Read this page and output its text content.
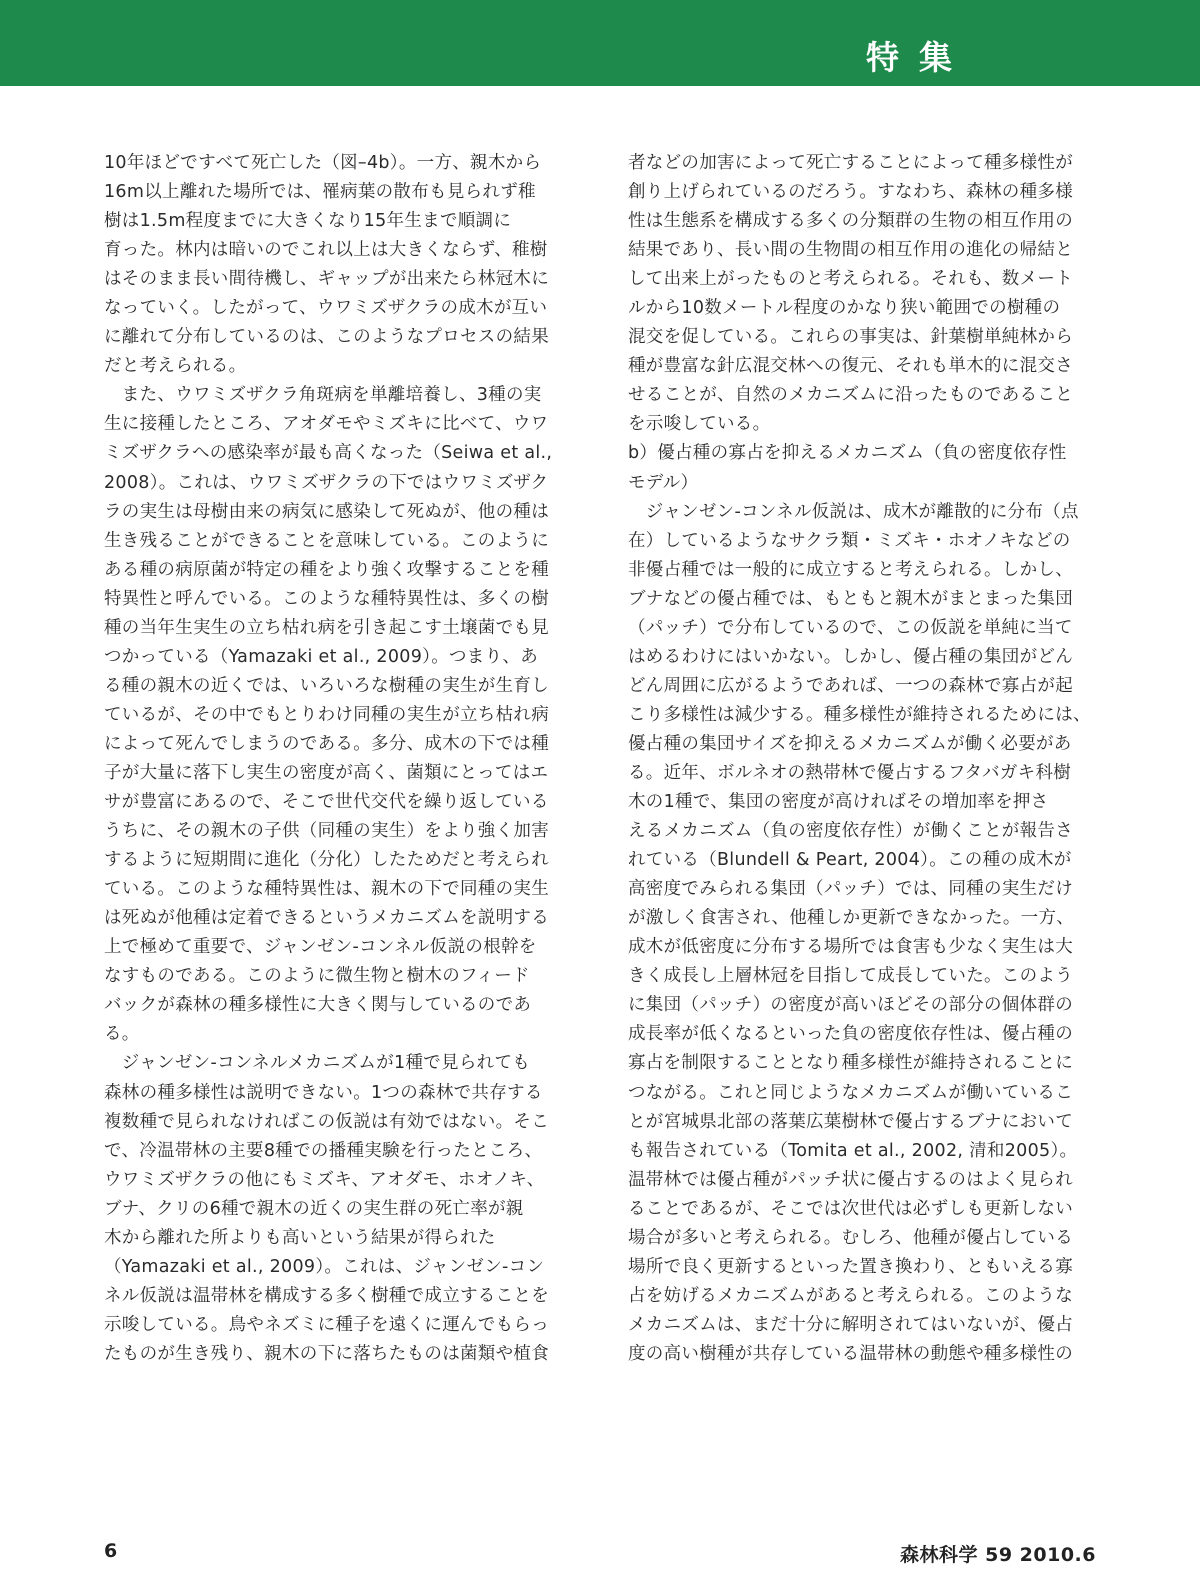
特集
10年ほどですべて死亡した（図–4b）。一方、親木から
16m以上離れた場所では、罹病葉の散布も見られず稚
樹は1.5m程度までに大きくなり15年生まで順調に
育った。林内は暗いのでこれ以上は大きくならず、稚樹
はそのまま長い間待機し、ギャップが出来たら林冠木に
なっていく。したがって、ウワミズザクラの成木が互い
に離れて分布しているのは、このようなプロセスの結果
だと考えられる。
　また、ウワミズザクラ角斑病を単離培養し、3種の実
生に接種したところ、アオダモやミズキに比べて、ウワ
ミズザクラへの感染率が最も高くなった（Seiwa et al.,
2008）。これは、ウワミズザクラの下ではウワミズザク
ラの実生は母樹由来の病気に感染して死ぬが、他の種は
生き残ることができることを意味している。このように
ある種の病原菌が特定の種をより強く攻撃することを種
特異性と呼んでいる。このような種特異性は、多くの樹
種の当年生実生の立ち枯れ病を引き起こす土壌菌でも見
つかっている（Yamazaki et al., 2009）。つまり、あ
る種の親木の近くでは、いろいろな樹種の実生が生育し
ているが、その中でもとりわけ同種の実生が立ち枯れ病
によって死んでしまうのである。多分、成木の下では種
子が大量に落下し実生の密度が高く、菌類にとってはエ
サが豊富にあるので、そこで世代交代を繰り返している
うちに、その親木の子供（同種の実生）をより強く加害
するように短期間に進化（分化）したためだと考えられ
ている。このような種特異性は、親木の下で同種の実生
は死ぬが他種は定着できるというメカニズムを説明する
上で極めて重要で、ジャンゼン‐コンネル仮説の根幹を
なすものである。このように微生物と樹木のフィード
バックが森林の種多様性に大きく関与しているのであ
る。
　ジャンゼン‐コンネルメカニズムが1種で見られても
森林の種多様性は説明できない。1つの森林で共存する
複数種で見られなければこの仮説は有効ではない。そこ
で、冷温帯林の主要8種での播種実験を行ったところ、
ウワミズザクラの他にもミズキ、アオダモ、ホオノキ、
ブナ、クリの6種で親木の近くの実生群の死亡率が親
木から離れた所よりも高いという結果が得られた
（Yamazaki et al., 2009）。これは、ジャンゼン‐コン
ネル仮説は温帯林を構成する多く樹種で成立することを
示唆している。鳥やネズミに種子を遠くに運んでもらっ
たものが生き残り、親木の下に落ちたものは菌類や植食
者などの加害によって死亡することによって種多様性が
創り上げられているのだろう。すなわち、森林の種多様
性は生態系を構成する多くの分類群の生物の相互作用の
結果であり、長い間の生物間の相互作用の進化の帰結と
して出来上がったものと考えられる。それも、数メート
ルから10数メートル程度のかなり狭い範囲での樹種の
混交を促している。これらの事実は、針葉樹単純林から
種が豊富な針広混交林への復元、それも単木的に混交さ
せることが、自然のメカニズムに沿ったものであること
を示唆している。
b）優占種の寡占を抑えるメカニズム（負の密度依存性
モデル）
　ジャンゼン‐コンネル仮説は、成木が離散的に分布（点
在）しているようなサクラ類・ミズキ・ホオノキなどの
非優占種では一般的に成立すると考えられる。しかし、
ブナなどの優占種では、もともと親木がまとまった集団
（パッチ）で分布しているので、この仮説を単純に当て
はめるわけにはいかない。しかし、優占種の集団がどん
どん周囲に広がるようであれば、一つの森林で寡占が起
こり多様性は減少する。種多様性が維持されるためには、
優占種の集団サイズを抑えるメカニズムが働く必要があ
る。近年、ボルネオの熱帯林で優占するフタバガキ科樹
木の1種で、集団の密度が高ければその増加率を押さ
えるメカニズム（負の密度依存性）が働くことが報告さ
れている（Blundell & Peart, 2004）。この種の成木が
高密度でみられる集団（パッチ）では、同種の実生だけ
が激しく食害され、他種しか更新できなかった。一方、
成木が低密度に分布する場所では食害も少なく実生は大
きく成長し上層林冠を目指して成長していた。このよう
に集団（パッチ）の密度が高いほどその部分の個体群の
成長率が低くなるといった負の密度依存性は、優占種の
寡占を制限することとなり種多様性が維持されることに
つながる。これと同じようなメカニズムが働いているこ
とが宮城県北部の落葉広葉樹林で優占するブナにおいて
も報告されている（Tomita et al., 2002, 清和2005）。
温帯林では優占種がパッチ状に優占するのはよく見られ
ることであるが、そこでは次世代は必ずしも更新しない
場合が多いと考えられる。むしろ、他種が優占している
場所で良く更新するといった置き換わり、ともいえる寡
占を妨げるメカニズムがあると考えられる。このような
メカニズムは、まだ十分に解明されてはいないが、優占
度の高い樹種が共存している温帯林の動態や種多様性の
6	森林科学 59 2010.6
